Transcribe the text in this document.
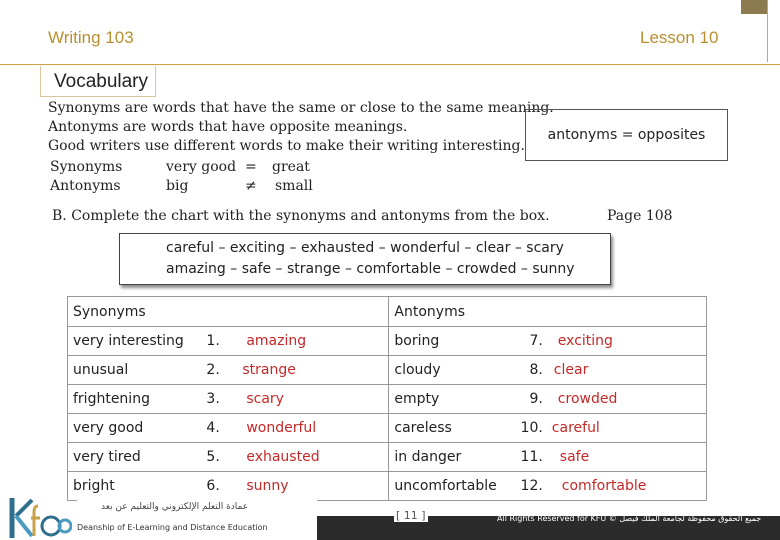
Writing 103	Lesson 10
Vocabulary
Synonyms are words that have the same or close to the same meaning.
Antonyms are words that have opposite meanings.
Good writers use different words to make their writing interesting.
Synonyms	very good = great
Antonyms	big	≠ small
antonyms = opposites
B. Complete the chart with the synonyms and antonyms from the box.	Page 108
careful – exciting – exhausted – wonderful – clear – scary
amazing – safe – strange – comfortable – crowded – sunny
Synonyms			Antonyms		
very interesting	1.	amazing	boring	7.	exciting
unusual	2.	strange	cloudy	8.	clear
frightening	3.	scary	empty	9.	crowded
very good	4.	wonderful	careless	10.	careful
very tired	5.	exhausted	in danger	11.	safe
bright	6.	sunny	uncomfortable	12.	comfortable
عمادة التعلم الإلكتروني والتعليم عن بعد
Deanship of E-Learning and Distance Education
[ 11 ]	All Rights Reserved for KFU © جميع الحقوق محفوظة لجامعة الملك فيصل
